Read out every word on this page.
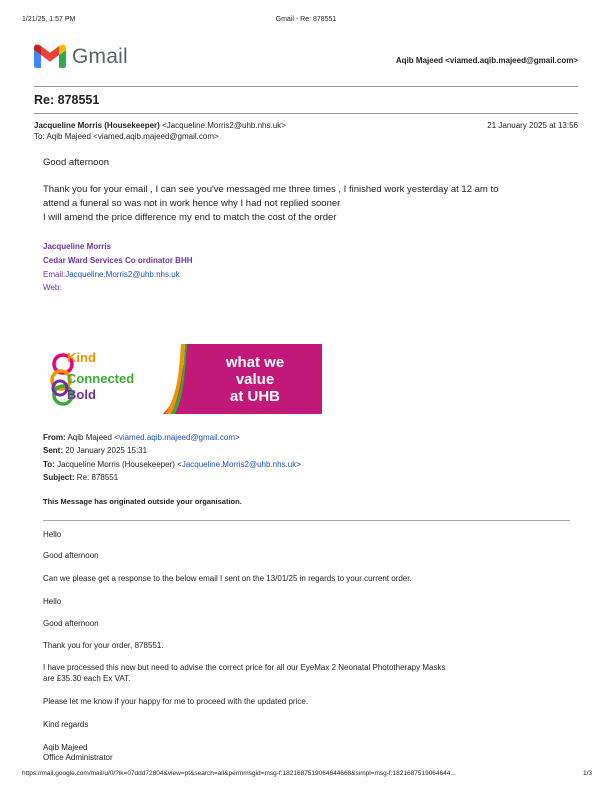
1/21/25, 1:57 PM	Gmail - Re: 878551
Gmail	Aqib Majeed <viamed.aqib.majeed@gmail.com>
Re: 878551
Jacqueline Morris (Housekeeper) <Jacqueline.Morris2@uhb.nhs.uk>	21 January 2025 at 13:56
To: Aqib Majeed <viamed.aqib.majeed@gmail.com>
Good afternoon
Thank you for your email , I can see you've messaged me three times , I finished work yesterday at 12 am to
attend a funeral so was not in work hence why I had not replied sooner
I will amend the price difference my end to match the cost of the order
Jacqueline Morris
Cedar Ward Services Co ordinator BHH
Email:Jacqueline.Morris2@uhb.nhs.uk
Web:
Kind
Connected
Bold
what we
value
at UHB
From: Aqib Majeed <viamed.aqib.majeed@gmail.com>
Sent: 20 January 2025 15:31
To: Jacqueline Morris (Housekeeper) <Jacqueline.Morris2@uhb.nhs.uk>
Subject: Re: 878551
This Message has originated outside your organisation.
Hello
Good afternoon
Can we please get a response to the below email I sent on the 13/01/25 in regards to your current order.
Hello
Good afternoon
Thank you for your order, 878551.
I have processed this now but need to advise the correct price for all our EyeMax 2 Neonatal Phototherapy Masks
are £35.30 each Ex VAT.
Please let me know if your happy for me to proceed with the updated price.
Kind regards
Aqib Majeed
Office Administrator
https://mail.google.com/mail/u/0/?ik=07ddd72804&view=pt&search=all&permmsgid=msg-f:1821687519064644668&simpl=msg-f:1821687519064644...	1/3
